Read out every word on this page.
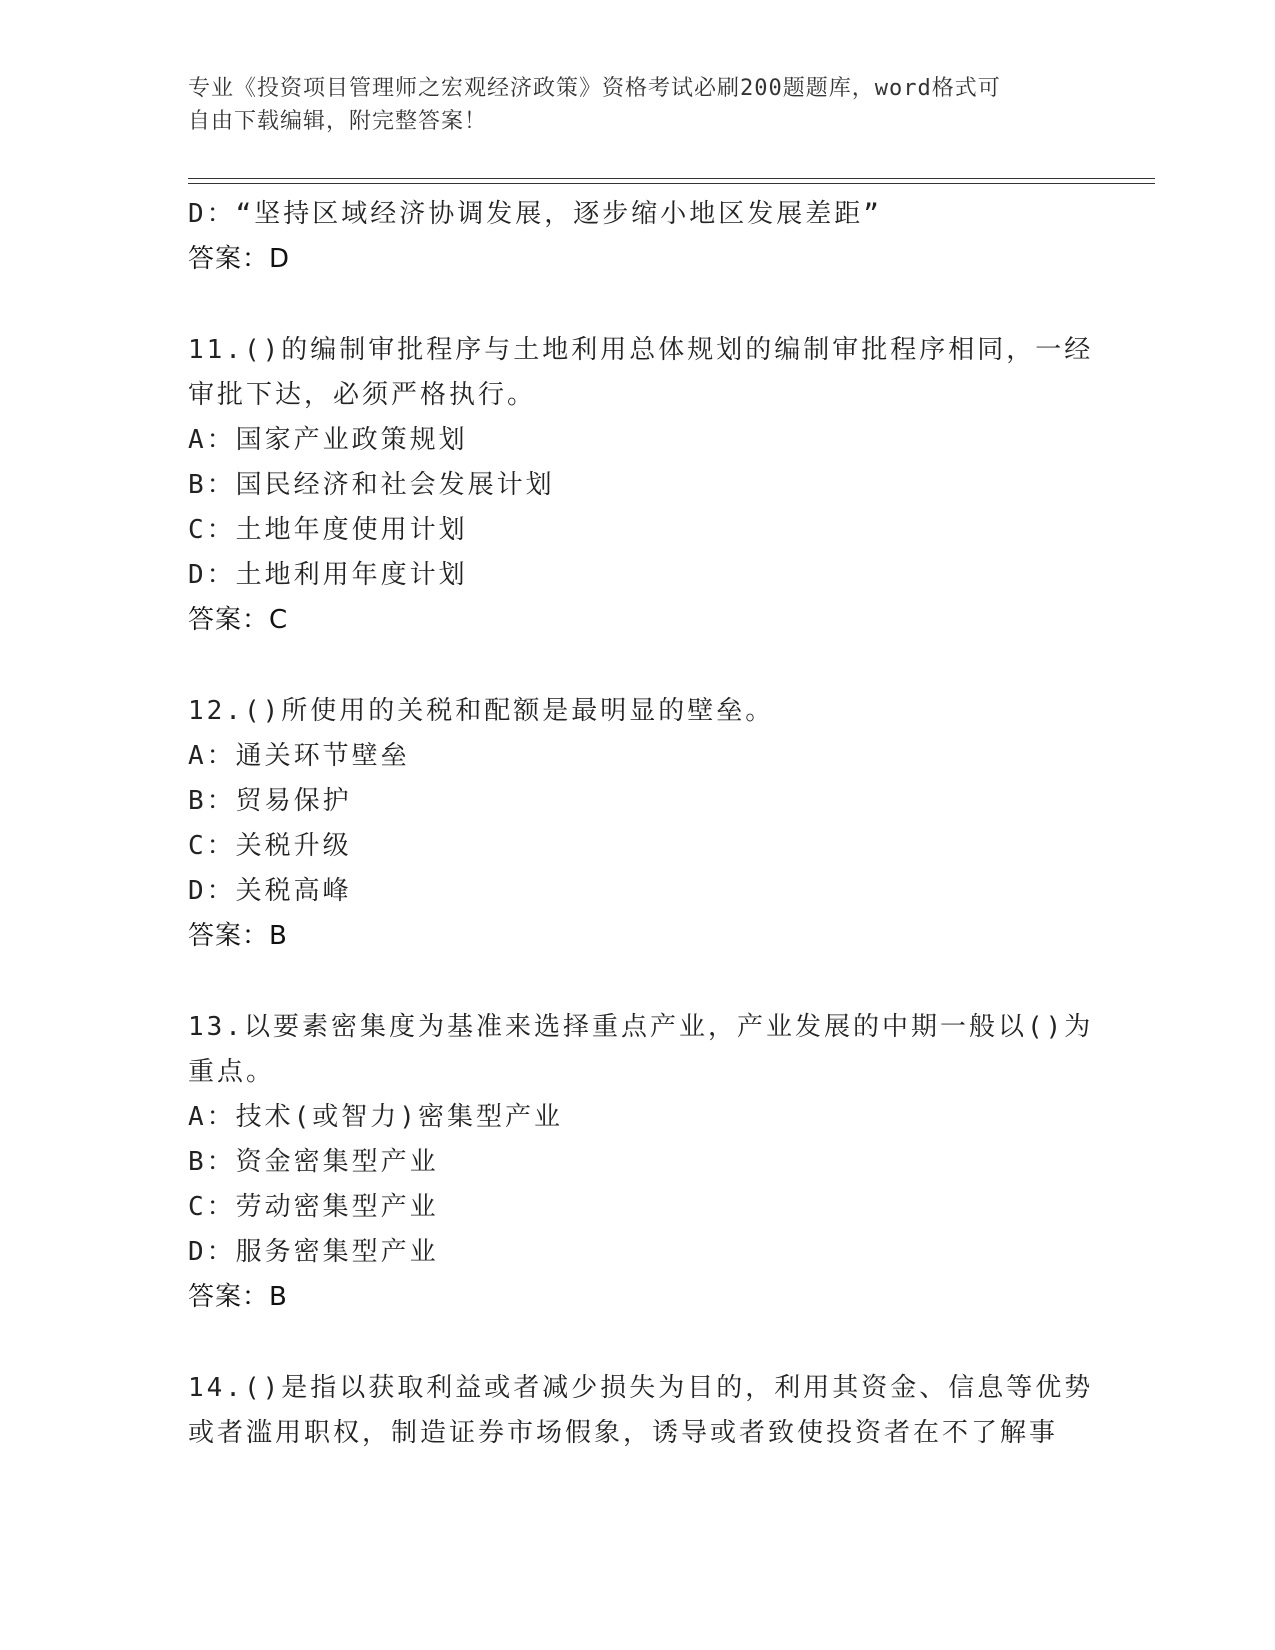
专业《投资项目管理师之宏观经济政策》资格考试必刷200题题库，word格式可
自由下载编辑，附完整答案！
D：“坚持区域经济协调发展，逐步缩小地区发展差距”
答案：D
11.()的编制审批程序与土地利用总体规划的编制审批程序相同，一经
审批下达，必须严格执行。
A：国家产业政策规划
B：国民经济和社会发展计划
C：土地年度使用计划
D：土地利用年度计划
答案：C
12.()所使用的关税和配额是最明显的壁垒。
A：通关环节壁垒
B：贸易保护
C：关税升级
D：关税高峰
答案：B
13.以要素密集度为基准来选择重点产业，产业发展的中期一般以()为
重点。
A：技术(或智力)密集型产业
B：资金密集型产业
C：劳动密集型产业
D：服务密集型产业
答案：B
14.()是指以获取利益或者减少损失为目的，利用其资金、信息等优势
或者滥用职权，制造证券市场假象，诱导或者致使投资者在不了解事
